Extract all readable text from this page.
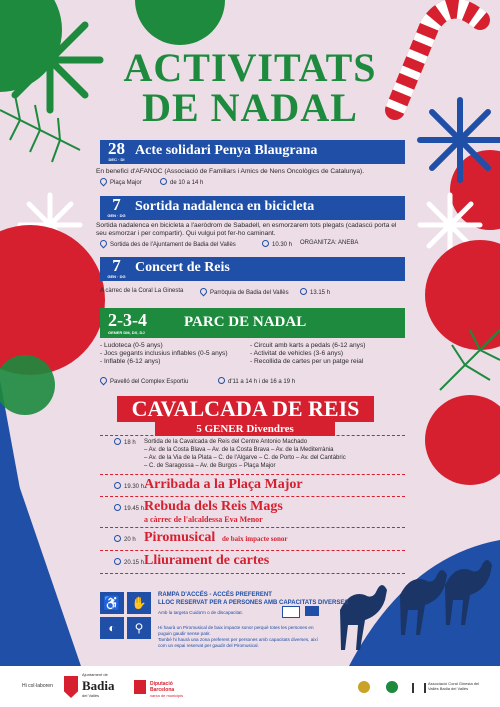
ACTIVITATS
DE NADAL
28
DEC · DI
Acte solidari Penya Blaugrana
En benefici d'AFANOC (Associació de Familiars i Amics de Nens Oncològics de Catalunya).
Plaça Major	de 10 a 14 h
7
GEN · DG
Sortida nadalenca en bicicleta
Sortida nadalenca en bicicleta a l'aeròdrom de Sabadell, en esmorzarem tots plegats (cadascú porta el seu esmorzar i per compartir). Qui vulgui pot fer-ho caminant.
Sortida des de l'Ajuntament de Badia del Vallès	10.30 h ORGANITZA: ANEBA
7
GEN · DG
Concert de Reis
A càrrec de la Coral La Ginesta	Parròquia de Badia del Vallès	13.15 h
2-3-4
GENER DM, DX, DJ
PARC DE NADAL
- Ludoteca (0-5 anys)
- Jocs gegants inclusius inflables (0-5 anys)
- Inflable (6-12 anys)
- Circuit amb karts a pedals (6-12 anys)
- Activitat de vehicles (3-6 anys)
- Recollida de cartes per un patge reial
Pavelló del Complex Esportiu	d'11 a 14 h i de 16 a 19 h
CAVALCADA DE REIS
5 GENER Divendres
18 h Sortida de la Cavalcada de Reis del Centre Antonio Machado
– Av. de la Costa Blava – Av. de la Costa Brava – Av. de la Mediterrània
– Av. de la Via de la Plata – C. de l'Algarve – C. de Porto – Av. del Cantàbric
– C. de Saragossa – Av. de Burgos – Plaça Major
19.30 h Arribada a la Plaça Major
19.45 h Rebuda dels Reis Mags
a càrrec de l'alcaldessa Eva Menor
20 h Piromusical de baix impacte sonor
20.15 h Lliurament de cartes
♿ ✋
◐	⚲
RAMPA D'ACCÉS - ACCÉS PREFERENT
LLOC RESERVAT PER A PERSONES AMB CAPACITATS DIVERSES
Amb la targeta Cuida'm o de discapacitat.
Hi haurà un Piromusical de baix impacte sonor perquè totes les persones en puguin gaudir sense patir.
També hi haurà una zona preferent per persones amb capacitats diverses, així com un espai reservat per gaudir del Piromusical.
Hi col·laboren
Ajuntament de
Badia
del Vallès
Diputació Barcelona
xarxa de municipis
Associació Coral Ginesta del Vallès Badia del Vallès
